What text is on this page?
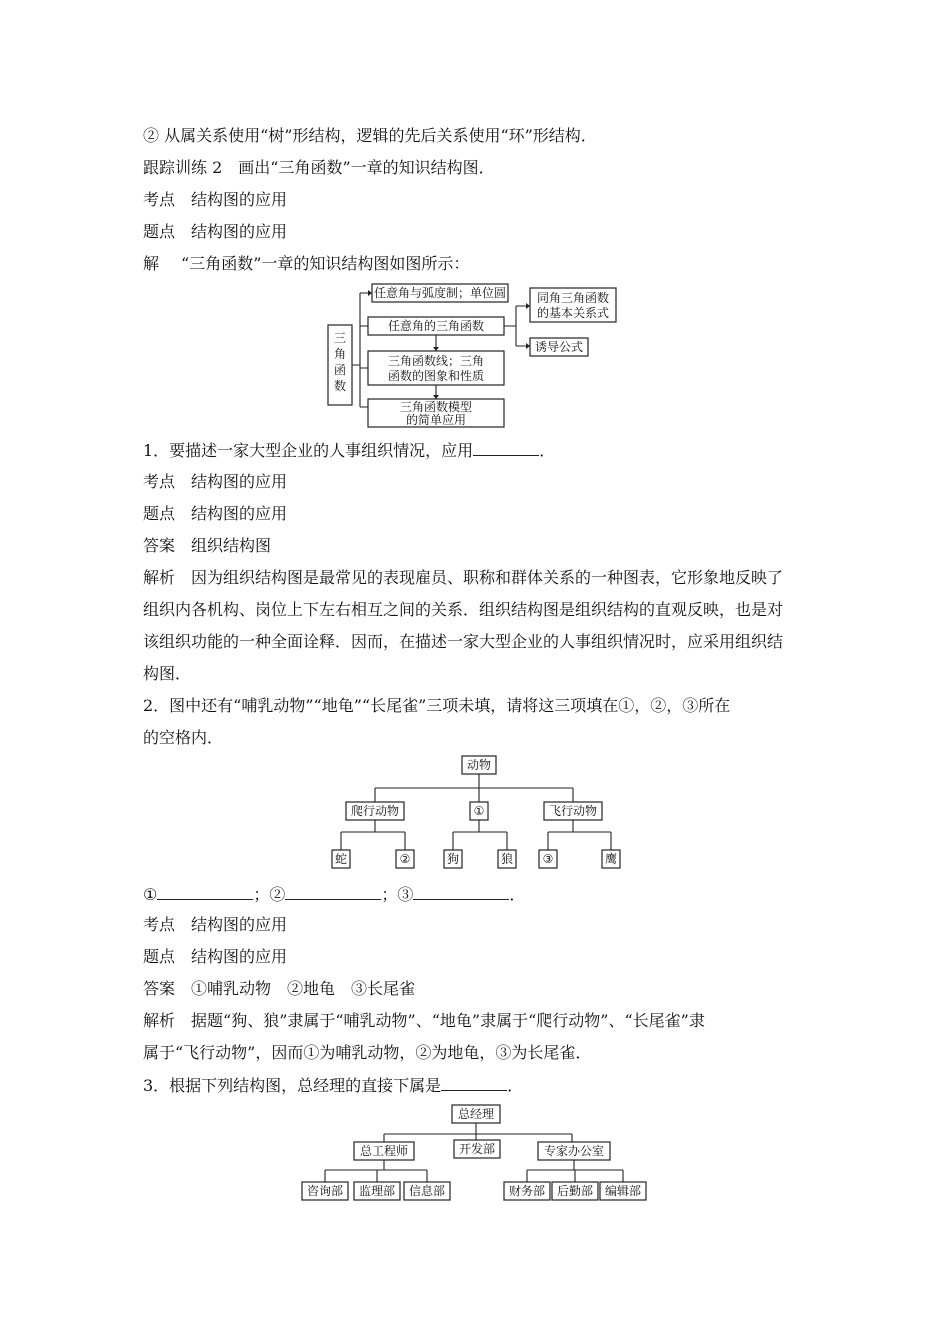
② 从属关系使用“树”形结构，逻辑的先后关系使用“环”形结构．
跟踪训练 2　画出“三角函数”一章的知识结构图．
考点 结构图的应用
题点 结构图的应用
解 “三角函数”一章的知识结构图如图所示：
三
角
函
数
任意角与弧度制；单位圆
任意角的三角函数
三角函数线；三角
函数的图象和性质
三角函数模型
的简单应用
同角三角函数
的基本关系式
诱导公式
1．要描述一家大型企业的人事组织情况，应用	．
考点 结构图的应用
题点 结构图的应用
答案 组织结构图
解析 因为组织结构图是最常见的表现雇员、职称和群体关系的一种图表，它形象地反映了
组织内各机构、岗位上下左右相互之间的关系．组织结构图是组织结构的直观反映，也是对
该组织功能的一种全面诠释．因而，在描述一家大型企业的人事组织情况时，应采用组织结
构图．
2．图中还有“哺乳动物”“地龟”“长尾雀”三项未填，请将这三项填在①，②，③所在
的空格内．
动物
爬行动物	①	飞行动物
蛇	②	狗	狼 ③	鹰
①	；②	；③	．
考点 结构图的应用
题点 结构图的应用
答案 ①哺乳动物　②地龟　③长尾雀
解析 据题“狗、狼”隶属于“哺乳动物”、“地龟”隶属于“爬行动物”、“长尾雀”隶
属于“飞行动物”，因而①为哺乳动物，②为地龟，③为长尾雀．
3．根据下列结构图，总经理的直接下属是	．
总经理
总工程师	开发部	专家办公室
咨询部 监理部 信息部	财务部 后勤部 编辑部
